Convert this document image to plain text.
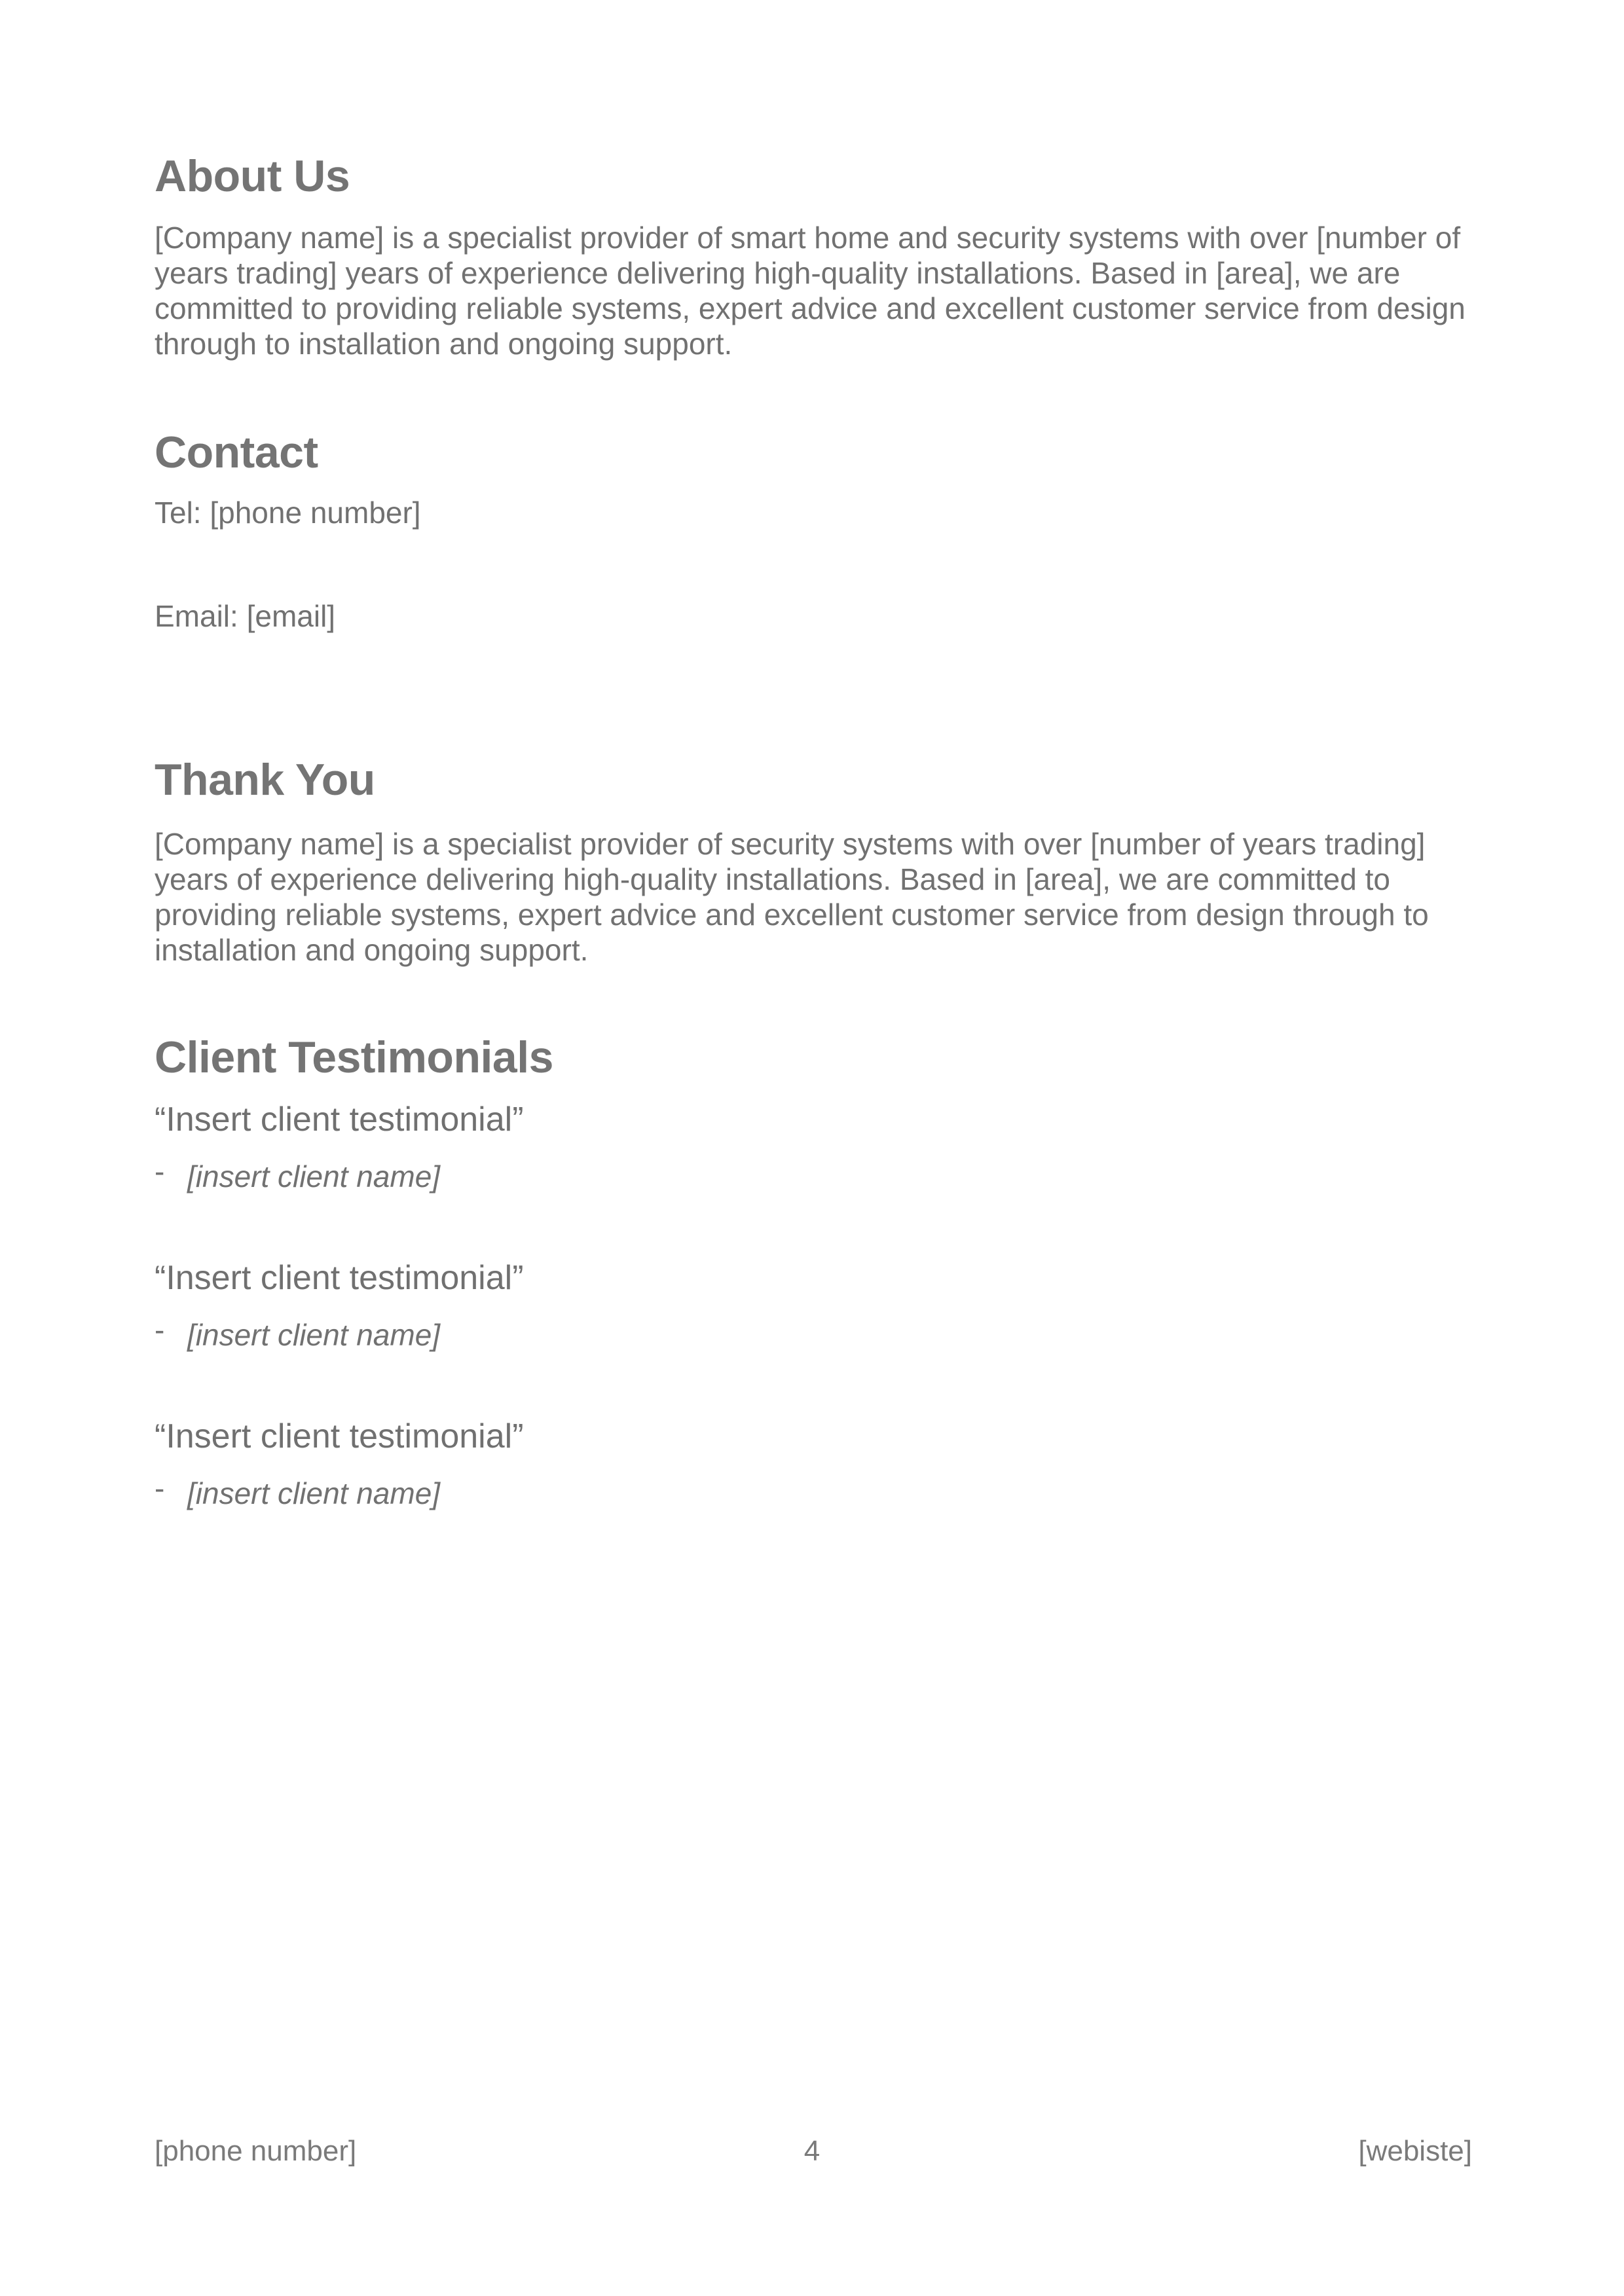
About Us

[Company name] is a specialist provider of smart home and security systems with over [number of years trading] years of experience delivering high-quality installations. Based in [area], we are committed to providing reliable systems, expert advice and excellent customer service from design through to installation and ongoing support.

Contact

Tel: [phone number]

Email: [email]

Thank You

[Company name] is a specialist provider of security systems with over [number of years trading] years of experience delivering high-quality installations. Based in [area], we are committed to providing reliable systems, expert advice and excellent customer service from design through to installation and ongoing support.

Client Testimonials

“Insert client testimonial”

- [insert client name]

“Insert client testimonial”

- [insert client name]

“Insert client testimonial”

- [insert client name]

[phone number]	4	[webiste]
